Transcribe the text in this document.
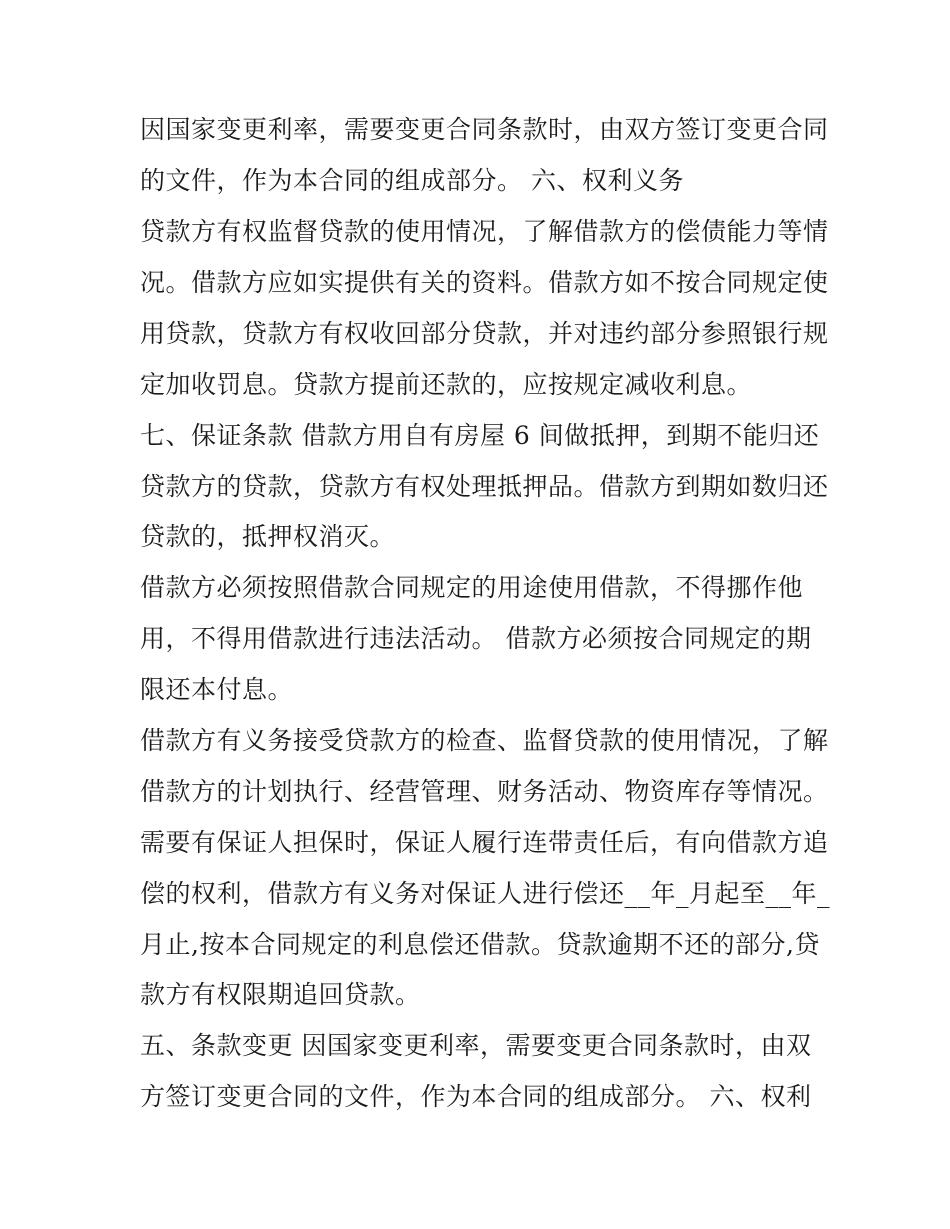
因国家变更利率，需要变更合同条款时，由双方签订变更合同
的文件，作为本合同的组成部分。 六、权利义务
贷款方有权监督贷款的使用情况，了解借款方的偿债能力等情
况。借款方应如实提供有关的资料。借款方如不按合同规定使
用贷款，贷款方有权收回部分贷款，并对违约部分参照银行规
定加收罚息。贷款方提前还款的，应按规定减收利息。
七、保证条款 借款方用自有房屋 6 间做抵押，到期不能归还
贷款方的贷款，贷款方有权处理抵押品。借款方到期如数归还
贷款的，抵押权消灭。
借款方必须按照借款合同规定的用途使用借款，不得挪作他
用，不得用借款进行违法活动。 借款方必须按合同规定的期
限还本付息。
借款方有义务接受贷款方的检查、监督贷款的使用情况，了解
借款方的计划执行、经营管理、财务活动、物资库存等情况。
需要有保证人担保时，保证人履行连带责任后，有向借款方追
偿的权利，借款方有义务对保证人进行偿还__年_月起至__年_
月止,按本合同规定的利息偿还借款。贷款逾期不还的部分,贷
款方有权限期追回贷款。
五、条款变更 因国家变更利率，需要变更合同条款时，由双
方签订变更合同的文件，作为本合同的组成部分。 六、权利
